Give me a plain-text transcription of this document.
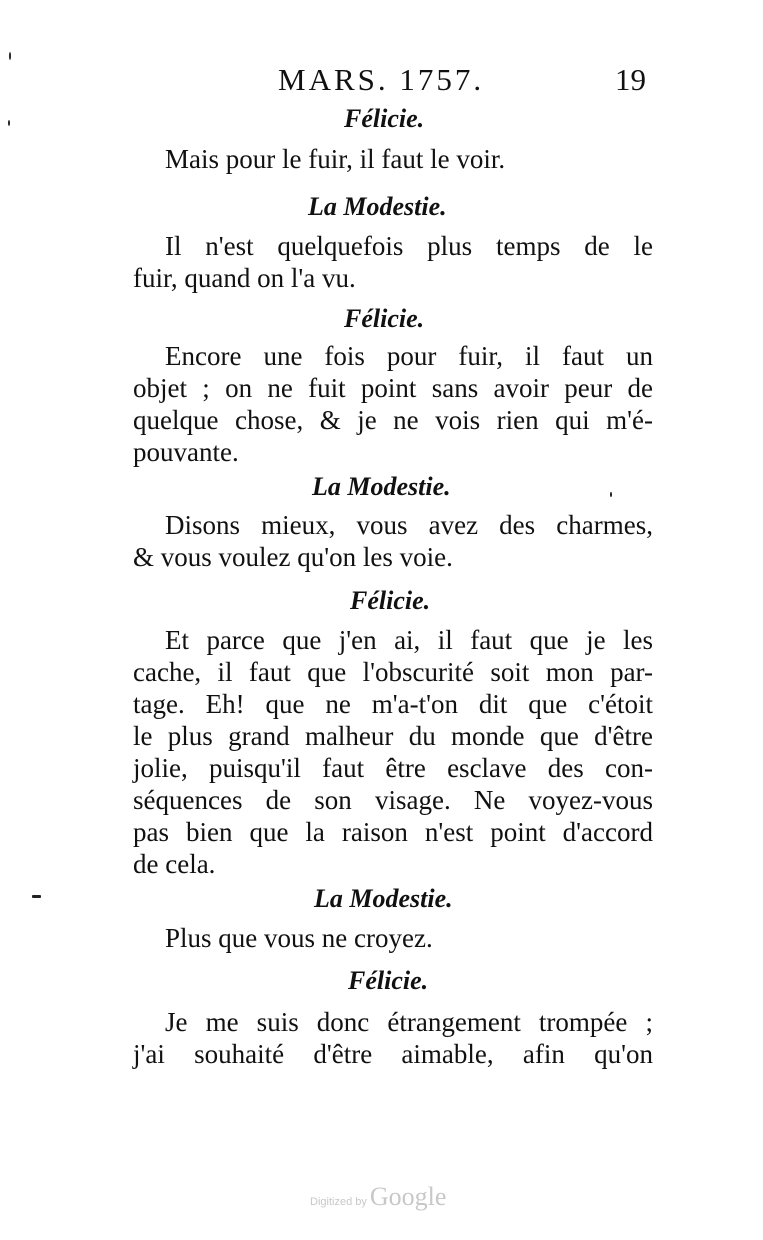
MARS. 1757.	19
Félicie.
Mais pour le fuir, il faut le voir.
La Modestie.
Il n'est quelquefois plus temps de le
fuir, quand on l'a vu.
Félicie.
Encore une fois pour fuir, il faut un
objet ; on ne fuit point sans avoir peur de
quelque chose, & je ne vois rien qui m'é-
pouvante.
La Modestie.
Disons mieux, vous avez des charmes,
& vous voulez qu'on les voie.
Félicie.
Et parce que j'en ai, il faut que je les
cache, il faut que l'obscurité soit mon par-
tage. Eh! que ne m'a-t'on dit que c'étoit
le plus grand malheur du monde que d'être
jolie, puisqu'il faut être esclave des con-
séquences de son visage. Ne voyez-vous
pas bien que la raison n'est point d'accord
de cela.
La Modestie.
Plus que vous ne croyez.
Félicie.
Je me suis donc étrangement trompée ;
j'ai souhaité d'être aimable, afin qu'on
Digitized by Google
